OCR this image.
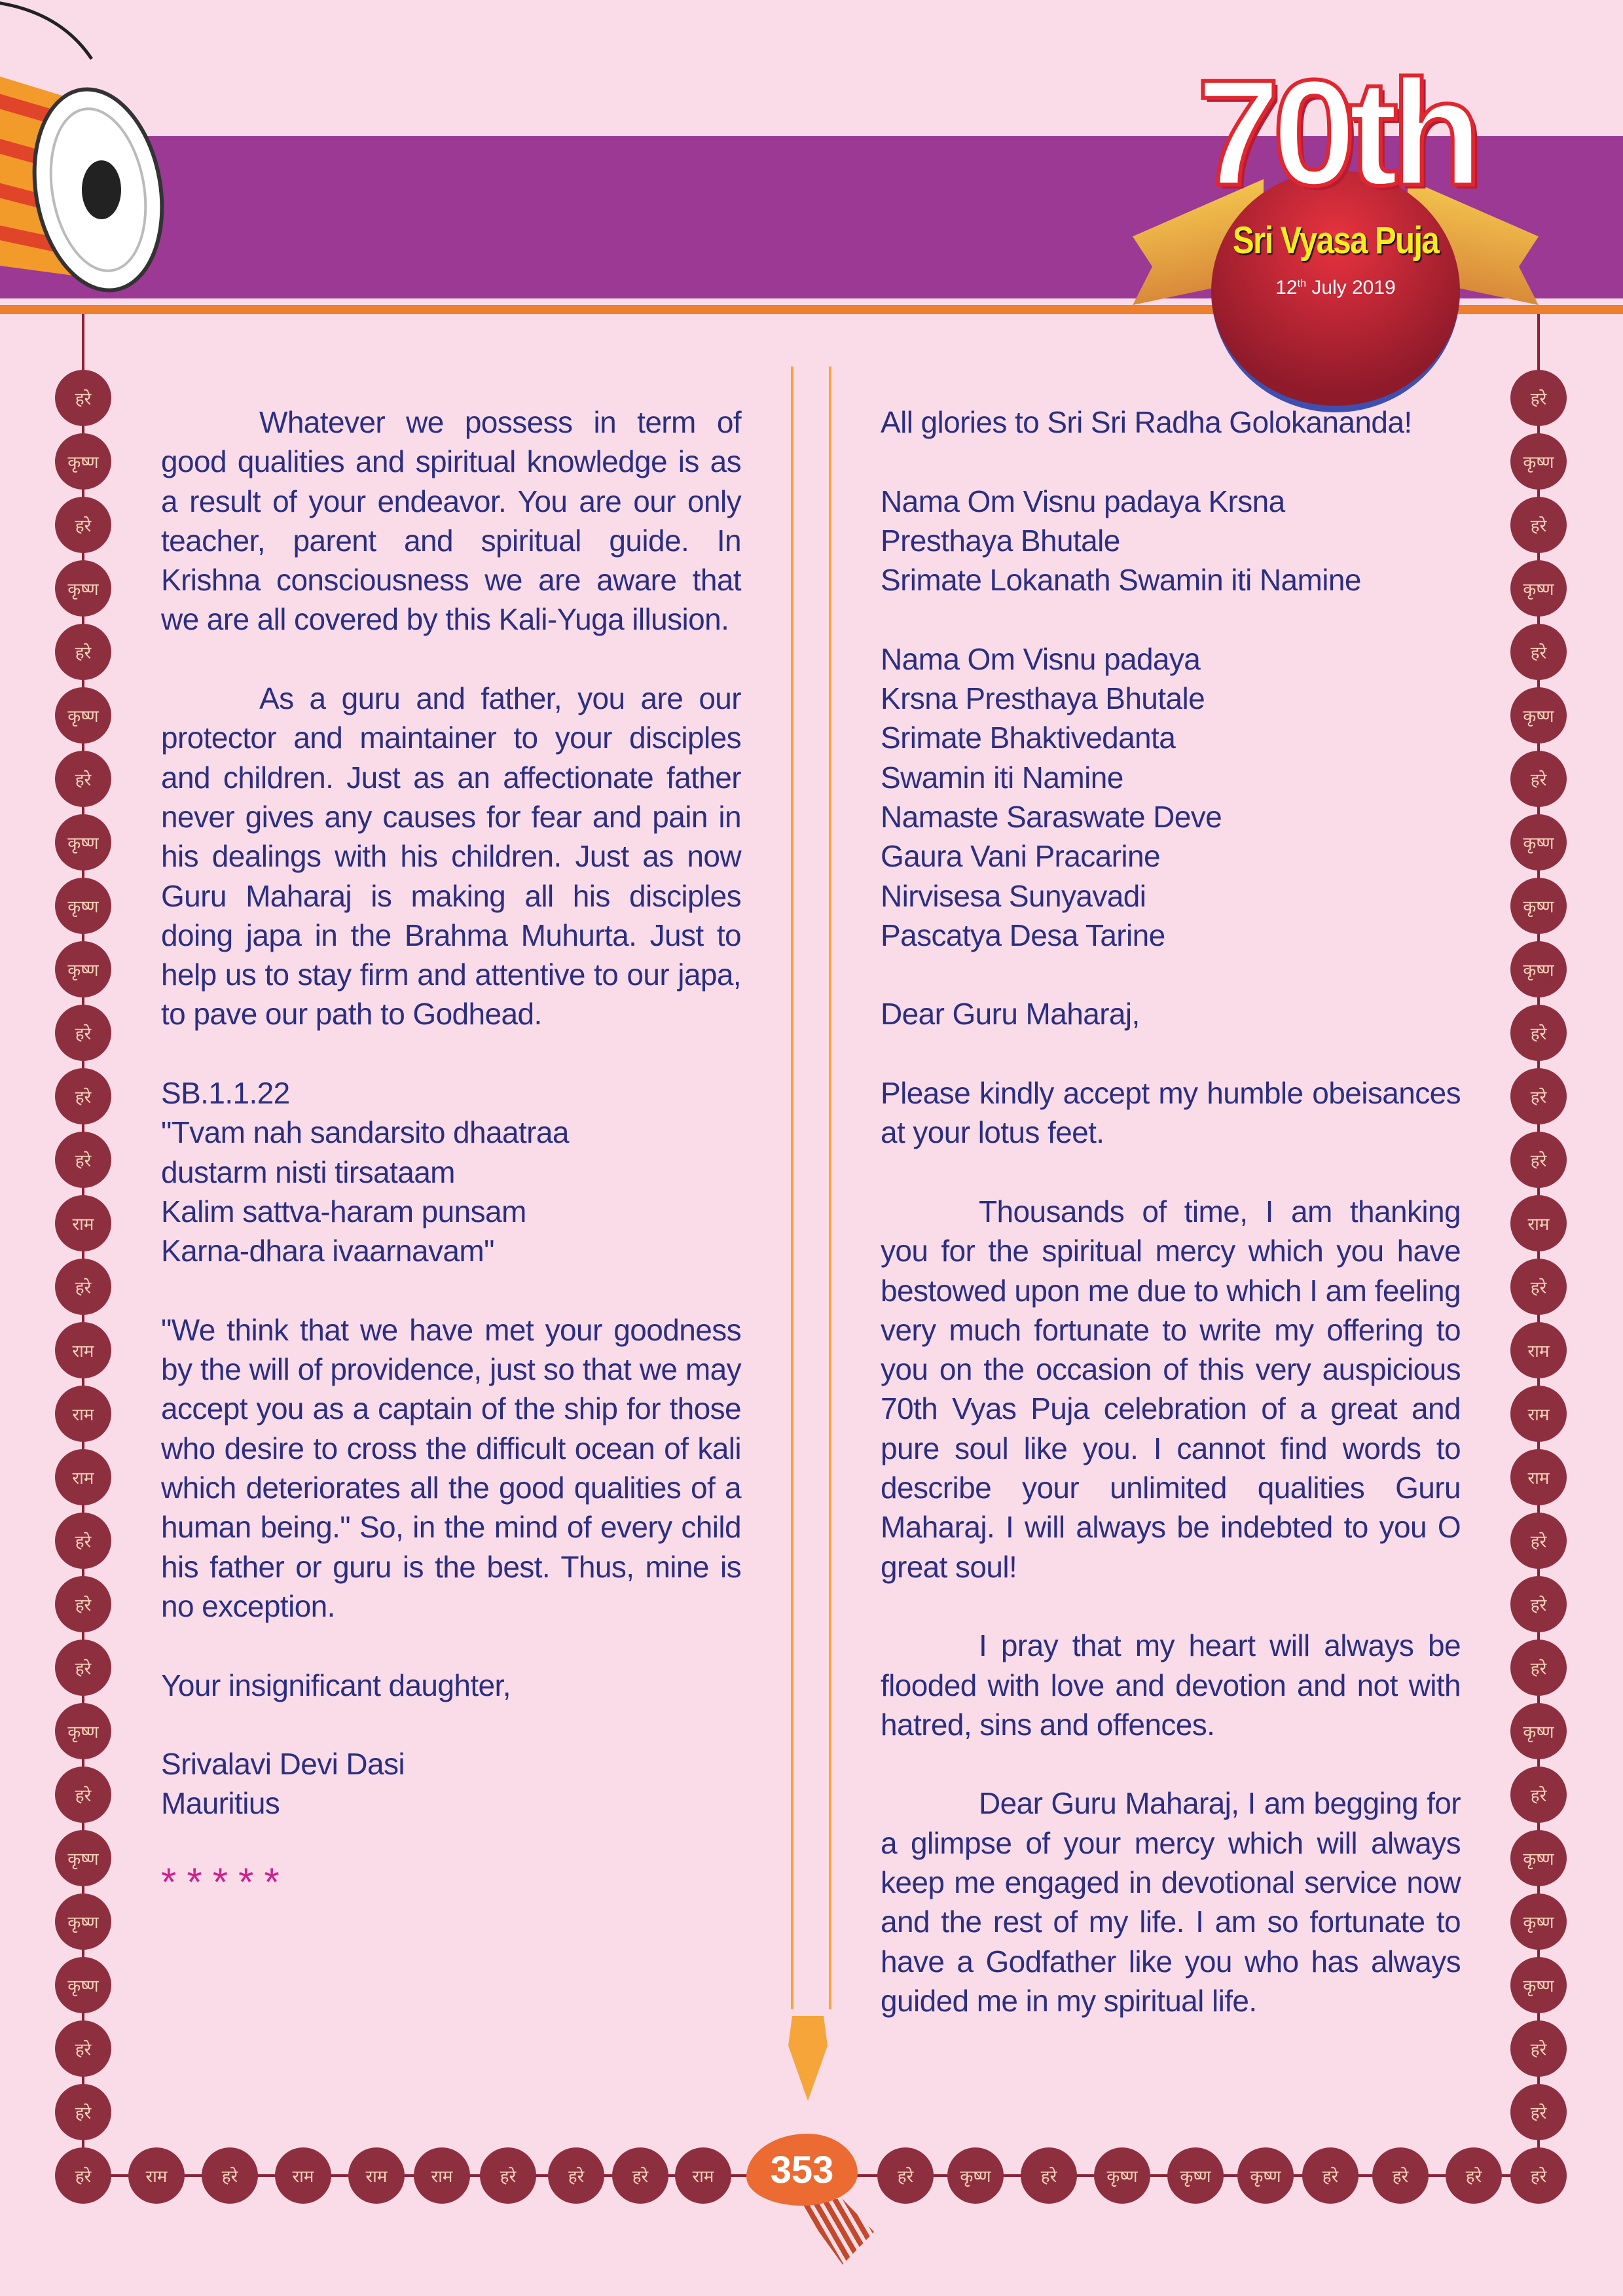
70th
Sri Vyasa Puja
12th July 2019

Whatever we possess in term of good qualities and spiritual knowledge is as a result of your endeavor. You are our only teacher, parent and spiritual guide. In Krishna consciousness we are aware that we are all covered by this Kali-Yuga illusion.

As a guru and father, you are our protector and maintainer to your disciples and children. Just as an affectionate father never gives any causes for fear and pain in his dealings with his children. Just as now Guru Maharaj is making all his disciples doing japa in the Brahma Muhurta. Just to help us to stay firm and attentive to our japa, to pave our path to Godhead.

SB.1.1.22
"Tvam nah sandarsito dhaatraa
dustarm nisti tirsataam
Kalim sattva-haram punsam
Karna-dhara ivaarnavam"

"We think that we have met your goodness by the will of providence, just so that we may accept you as a captain of the ship for those who desire to cross the difficult ocean of kali which deteriorates all the good qualities of a human being." So, in the mind of every child his father or guru is the best. Thus, mine is no exception.

Your insignificant daughter,

Srivalavi Devi Dasi
Mauritius

*****

All glories to Sri Sri Radha Golokananda!

Nama Om Visnu padaya Krsna
Presthaya Bhutale
Srimate Lokanath Swamin iti Namine

Nama Om Visnu padaya
Krsna Presthaya Bhutale
Srimate Bhaktivedanta
Swamin iti Namine
Namaste Saraswate Deve
Gaura Vani Pracarine
Nirvisesa Sunyavadi
Pascatya Desa Tarine

Dear Guru Maharaj,

Please kindly accept my humble obeisances at your lotus feet.

Thousands of time, I am thanking you for the spiritual mercy which you have bestowed upon me due to which I am feeling very much fortunate to write my offering to you on the occasion of this very auspicious 70th Vyas Puja celebration of a great and pure soul like you. I cannot find words to describe your unlimited qualities Guru Maharaj. I will always be indebted to you O great soul!

I pray that my heart will always be flooded with love and devotion and not with hatred, sins and offences.

Dear Guru Maharaj, I am begging for a glimpse of your mercy which will always keep me engaged in devotional service now and the rest of my life. I am so fortunate to have a Godfather like you who has always guided me in my spiritual life.

हरे	हरे
कृष्ण	कृष्ण
हरे	हरे
कृष्ण	कृष्ण
हरे	हरे
कृष्ण	कृष्ण
हरे	हरे
कृष्ण	कृष्ण
कृष्ण	कृष्ण
कृष्ण	कृष्ण
हरे	हरे
हरे	हरे
हरे	हरे
राम	राम
हरे	हरे
राम	राम
राम	राम
राम	राम
हरे	हरे
हरे	हरे
हरे	हरे
कृष्ण	कृष्ण
हरे	हरे
कृष्ण	कृष्ण
कृष्ण	कृष्ण
कृष्ण	कृष्ण
हरे	हरे
हरे	हरे
हरे	राम	हरे	राम	राम	राम	हरे	हरे	हरे	राम	हरे	कृष्ण	हरे	कृष्ण	कृष्ण	कृष्ण	हरे	हरे	हरे	हरे
353
